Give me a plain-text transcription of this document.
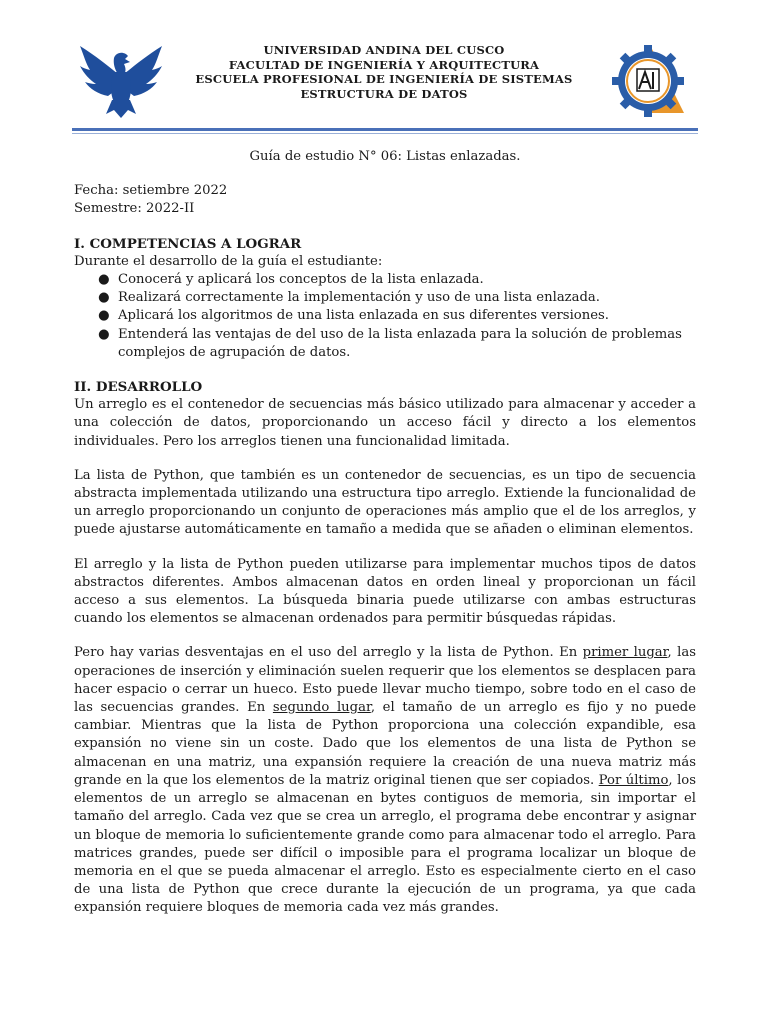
UNIVERSIDAD ANDINA DEL CUSCO
FACULTAD DE INGENIERÍA Y ARQUITECTURA
ESCUELA PROFESIONAL DE INGENIERÍA DE SISTEMAS
ESTRUCTURA DE DATOS

Guía de estudio N° 06: Listas enlazadas.

Fecha: setiembre 2022

Semestre: 2022-II

I. COMPETENCIAS A LOGRAR

Durante el desarrollo de la guía el estudiante:

● Conocerá y aplicará los conceptos de la lista enlazada.
● Realizará correctamente la implementación y uso de una lista enlazada.
● Aplicará los algoritmos de una lista enlazada en sus diferentes versiones.
● Entenderá las ventajas de del uso de la lista enlazada para la solución de problemas complejos de agrupación de datos.

II. DESARROLLO

Un arreglo es el contenedor de secuencias más básico utilizado para almacenar y acceder a una colección de datos, proporcionando un acceso fácil y directo a los elementos individuales. Pero los arreglos tienen una funcionalidad limitada.

La lista de Python, que también es un contenedor de secuencias, es un tipo de secuencia abstracta implementada utilizando una estructura tipo arreglo. Extiende la funcionalidad de un arreglo proporcionando un conjunto de operaciones más amplio que el de los arreglos, y puede ajustarse automáticamente en tamaño a medida que se añaden o eliminan elementos.

El arreglo y la lista de Python pueden utilizarse para implementar muchos tipos de datos abstractos diferentes. Ambos almacenan datos en orden lineal y proporcionan un fácil acceso a sus elementos. La búsqueda binaria puede utilizarse con ambas estructuras cuando los elementos se almacenan ordenados para permitir búsquedas rápidas.

Pero hay varias desventajas en el uso del arreglo y la lista de Python. En primer lugar, las operaciones de inserción y eliminación suelen requerir que los elementos se desplacen para hacer espacio o cerrar un hueco. Esto puede llevar mucho tiempo, sobre todo en el caso de las secuencias grandes. En segundo lugar, el tamaño de un arreglo es fijo y no puede cambiar. Mientras que la lista de Python proporciona una colección expandible, esa expansión no viene sin un coste. Dado que los elementos de una lista de Python se almacenan en una matriz, una expansión requiere la creación de una nueva matriz más grande en la que los elementos de la matriz original tienen que ser copiados. Por último, los elementos de un arreglo se almacenan en bytes contiguos de memoria, sin importar el tamaño del arreglo. Cada vez que se crea un arreglo, el programa debe encontrar y asignar un bloque de memoria lo suficientemente grande como para almacenar todo el arreglo. Para matrices grandes, puede ser difícil o imposible para el programa localizar un bloque de memoria en el que se pueda almacenar el arreglo. Esto es especialmente cierto en el caso de una lista de Python que crece durante la ejecución de un programa, ya que cada expansión requiere bloques de memoria cada vez más grandes.
